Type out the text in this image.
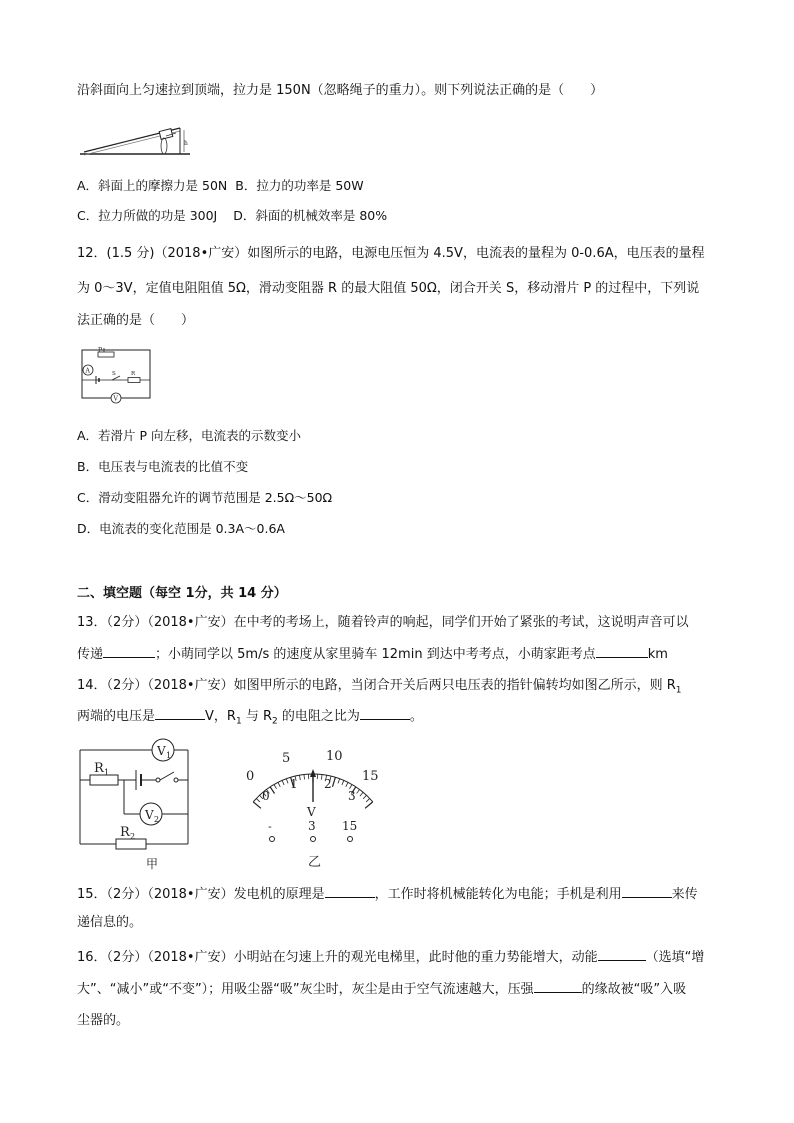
沿斜面向上匀速拉到顶端，拉力是 150N（忽略绳子的重力）。则下列说法正确的是（　　）
h
A．斜面上的摩擦力是 50N B．拉力的功率是 50W
C．拉力所做的功是 300J D．斜面的机械效率是 80%
12．(1.5 分)（2018•广安）如图所示的电路，电源电压恒为 4.5V，电流表的量程为 0-0.6A，电压表的量程
为 0～3V，定值电阻阻值 5Ω，滑动变阻器 R 的最大阻值 50Ω，闭合开关 S，移动滑片 P 的过程中，下列说
法正确的是（　　）
P
A	S	R
V
A．若滑片 P 向左移，电流表的示数变小
B．电压表与电流表的比值不变
C．滑动变阻器允许的调节范围是 2.5Ω～50Ω
D．电流表的变化范围是 0.3A～0.6A
二、填空题（每空 1分，共 14 分）
13．（2分）（2018•广安）在中考的考场上，随着铃声的响起，同学们开始了紧张的考试，这说明声音可以
传递	；小萌同学以 5m/s 的速度从家里骑车 12min 到达中考考点，小萌家距考点	km
14．（2分）（2018•广安）如图甲所示的电路，当闭合开关后两只电压表的指针偏转均如图乙所示，则 $R_1$
两端的电压是	V，$R_1$ 与 $R_2$ 的电阻之比为	。
V 1
R 1
V 2
R 2
甲
0
5	10
15
0
1 2
3
V
-	3 15
乙
15．（2分）（2018•广安）发电机的原理是	，工作时将机械能转化为电能；手机是利用	来传
递信息的。
16．（2分）（2018•广安）小明站在匀速上升的观光电梯里，此时他的重力势能增大，动能	（选填“增
大”、“减小”或“不变”）；用吸尘器“吸”灰尘时，灰尘是由于空气流速越大，压强	的缘故被“吸”入吸
尘器的。
